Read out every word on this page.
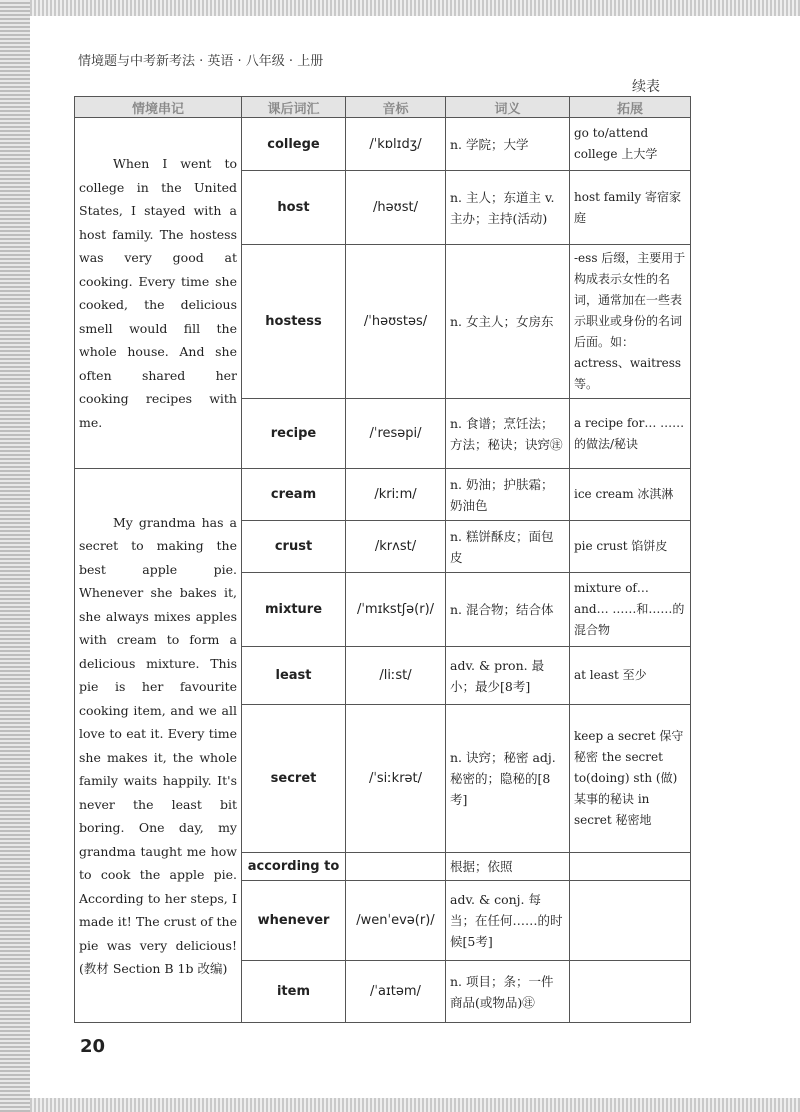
情境题与中考新考法 · 英语 · 八年级 · 上册
续表
情境串记	课后词汇	音标	词义	拓展
When I went to college in the United States, I stayed with a host family. The hostess was very good at cooking. Every time she cooked, the delicious smell would fill the whole house. And she often shared her cooking recipes with me.	college	/ˈkɒlɪdʒ/	n. 学院；大学	go to/attend college 上大学
	host	/həʊst/	n. 主人；东道主 v. 主办；主持(活动)	host family 寄宿家庭
	hostess	/ˈhəʊstəs/	n. 女主人；女房东	-ess 后缀，主要用于构成表示女性的名词，通常加在一些表示职业或身份的名词后面。如：actress、waitress 等。
	recipe	/ˈresəpi/	n. 食谱；烹饪法；方法；秘诀；诀窍㊟	a recipe for… ……的做法/秘诀
My grandma has a secret to making the best apple pie. Whenever she bakes it, she always mixes apples with cream to form a delicious mixture. This pie is her favourite cooking item, and we all love to eat it. Every time she makes it, the whole family waits happily. It's never the least bit boring. One day, my grandma taught me how to cook the apple pie. According to her steps, I made it! The crust of the pie was very delicious! (教材 Section B 1b 改编)	cream	/kriːm/	n. 奶油；护肤霜；奶油色	ice cream 冰淇淋
	crust	/krʌst/	n. 糕饼酥皮；面包皮	pie crust 馅饼皮
	mixture	/ˈmɪkstʃə(r)/	n. 混合物；结合体	mixture of… and… ……和……的混合物
	least	/liːst/	adv. & pron. 最小；最少[8考]	at least 至少
	secret	/ˈsiːkrət/	n. 诀窍；秘密 adj. 秘密的；隐秘的[8考]	keep a secret 保守秘密 the secret to(doing) sth (做)某事的秘诀 in secret 秘密地
	according to		根据；依照	
	whenever	/wenˈevə(r)/	adv. & conj. 每当；在任何……的时候[5考]	
	item	/ˈaɪtəm/	n. 项目；条；一件商品(或物品)㊟	
20
